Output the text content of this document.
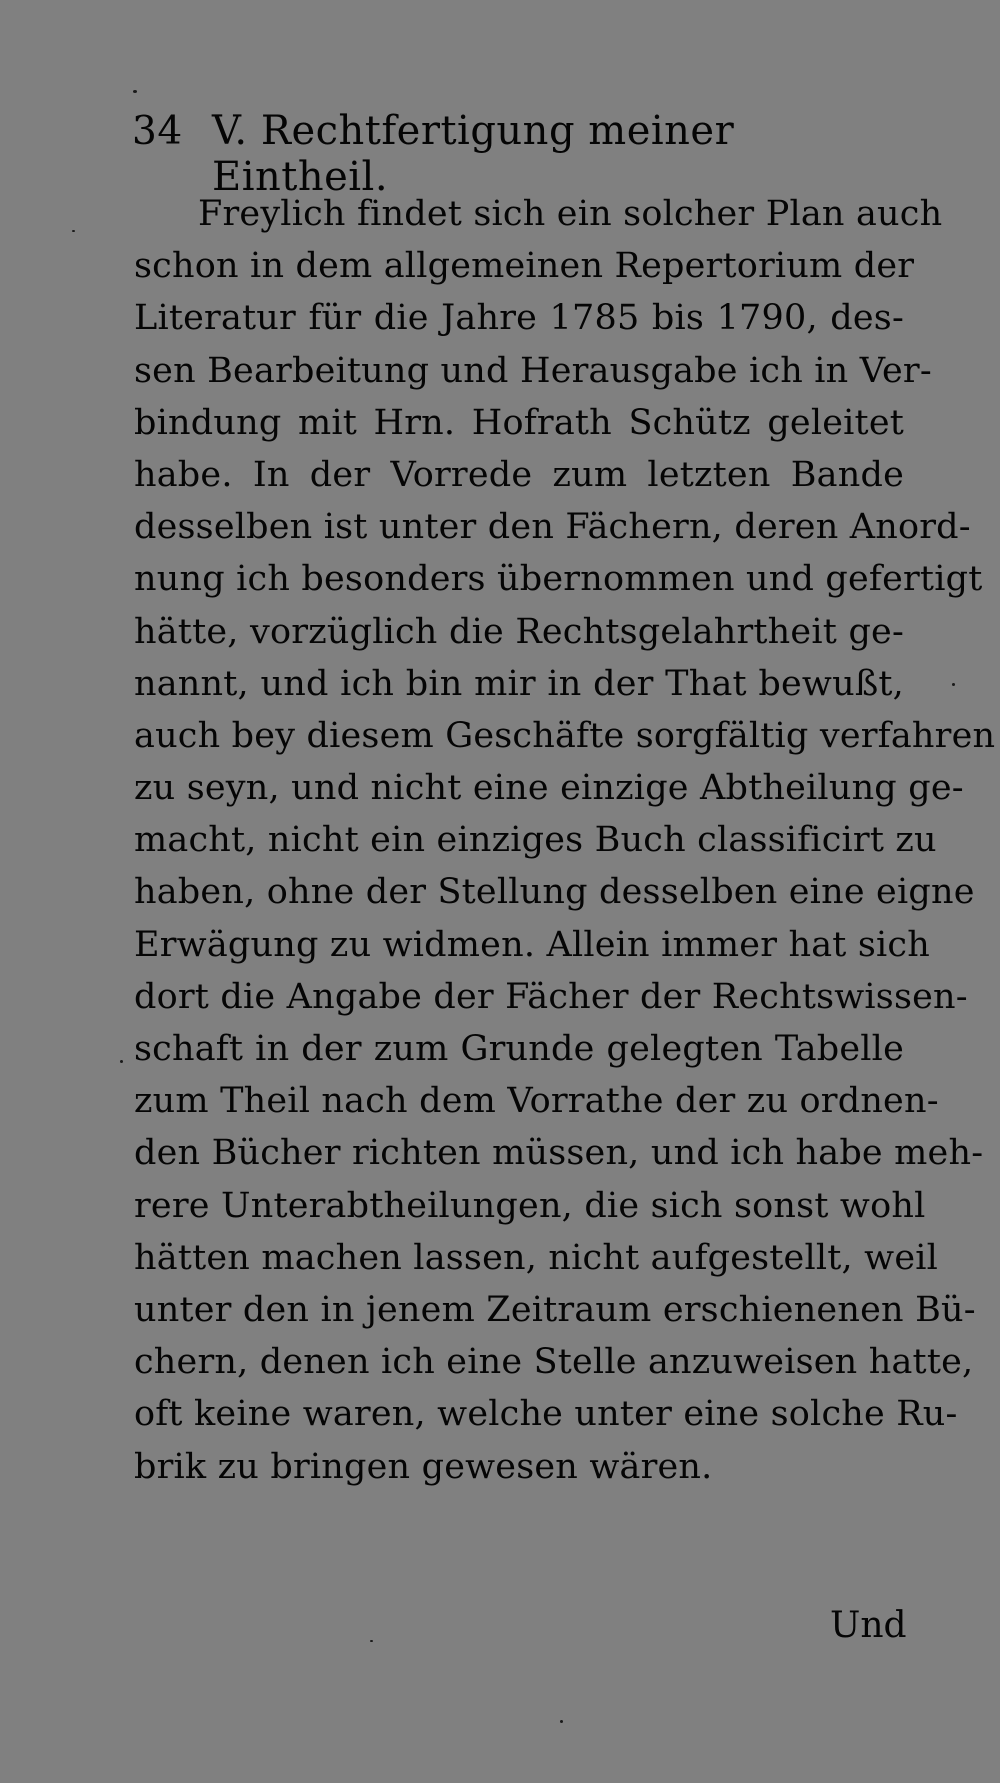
34 V. Rechtfertigung meiner Eintheil.
Freylich findet sich ein solcher Plan auch
schon in dem allgemeinen Repertorium der
Literatur für die Jahre 1785 bis 1790, des-
sen Bearbeitung und Herausgabe ich in Ver-
bindung mit Hrn. Hofrath Schütz geleitet
habe. In der Vorrede zum letzten Bande
desselben ist unter den Fächern, deren Anord-
nung ich besonders übernommen und gefertigt
hätte, vorzüglich die Rechtsgelahrtheit ge-
nannt, und ich bin mir in der That bewußt,
auch bey diesem Geschäfte sorgfältig verfahren
zu seyn, und nicht eine einzige Abtheilung ge-
macht, nicht ein einziges Buch classificirt zu
haben, ohne der Stellung desselben eine eigne
Erwägung zu widmen. Allein immer hat sich
dort die Angabe der Fächer der Rechtswissen-
schaft in der zum Grunde gelegten Tabelle
zum Theil nach dem Vorrathe der zu ordnen-
den Bücher richten müssen, und ich habe meh-
rere Unterabtheilungen, die sich sonst wohl
hätten machen lassen, nicht aufgestellt, weil
unter den in jenem Zeitraum erschienenen Bü-
chern, denen ich eine Stelle anzuweisen hatte,
oft keine waren, welche unter eine solche Ru-
brik zu bringen gewesen wären.
Und
